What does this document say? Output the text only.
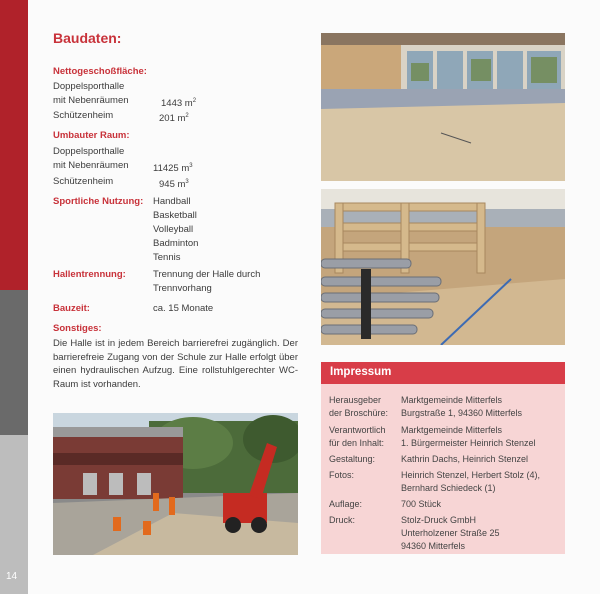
14
Baudaten:
Nettogeschoßfläche:
Doppelsporthalle
mit Nebenräumen	1443 $m^2$
Schützenheim	201 $m^2$
Umbauter Raum:
Doppelsporthalle
mit Nebenräumen	11425 $m^3$
Schützenheim	945 $m^3$
Sportliche Nutzung: Handball
Basketball
Volleyball
Badminton
Tennis
Hallentrennung:	Trennung der Halle durch
Trennvorhang
Bauzeit:	ca. 15 Monate
Sonstiges:
Die Halle ist in jedem Bereich barrierefrei zugänglich. Der barrierefreie Zugang von der Schule zur Halle erfolgt über einen hydraulischen Aufzug. Eine rollstuhlgerechter WC-Raum ist vorhanden.
Impressum
Herausgeber
der Broschüre:
Marktgemeinde Mitterfels
Burgstraße 1, 94360 Mitterfels
Verantwortlich
für den Inhalt:
Marktgemeinde Mitterfels
1. Bürgermeister Heinrich Stenzel
Gestaltung:	Kathrin Dachs, Heinrich Stenzel
Fotos:	Heinrich Stenzel, Herbert Stolz (4),
Bernhard Schiedeck (1)
Auflage:	700 Stück
Druck:	Stolz-Druck GmbH
Unterholzener Straße 25
94360 Mitterfels
